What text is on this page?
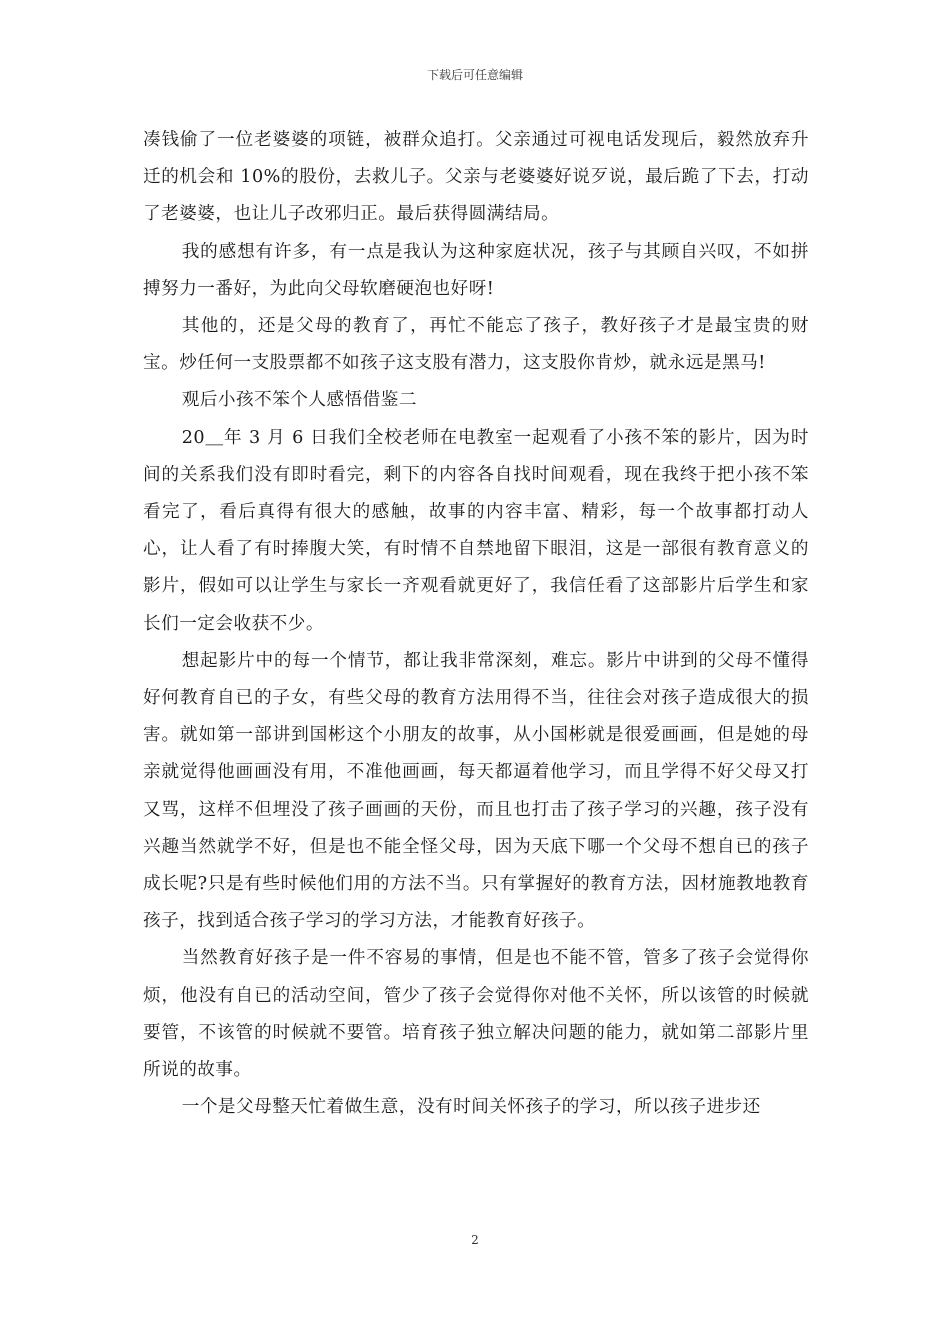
下载后可任意编辑

凑钱偷了一位老婆婆的项链，被群众追打。父亲通过可视电话发现后，毅然放弃升迁的机会和 10%的股份，去救儿子。父亲与老婆婆好说歹说，最后跪了下去，打动了老婆婆，也让儿子改邪归正。最后获得圆满结局。

我的感想有许多，有一点是我认为这种家庭状况，孩子与其顾自兴叹，不如拼搏努力一番好，为此向父母软磨硬泡也好呀!

其他的，还是父母的教育了，再忙不能忘了孩子，教好孩子才是最宝贵的财宝。炒任何一支股票都不如孩子这支股有潜力，这支股你肯炒，就永远是黑马!

观后小孩不笨个人感悟借鉴二

20＿年 3 月 6 日我们全校老师在电教室一起观看了小孩不笨的影片，因为时间的关系我们没有即时看完，剩下的内容各自找时间观看，现在我终于把小孩不笨看完了，看后真得有很大的感触，故事的内容丰富、精彩，每一个故事都打动人心，让人看了有时捧腹大笑，有时情不自禁地留下眼泪，这是一部很有教育意义的影片，假如可以让学生与家长一齐观看就更好了，我信任看了这部影片后学生和家长们一定会收获不少。

想起影片中的每一个情节，都让我非常深刻，难忘。影片中讲到的父母不懂得好何教育自已的子女，有些父母的教育方法用得不当，往往会对孩子造成很大的损害。就如第一部讲到国彬这个小朋友的故事，从小国彬就是很爱画画，但是她的母亲就觉得他画画没有用，不准他画画，每天都逼着他学习，而且学得不好父母又打又骂，这样不但埋没了孩子画画的天份，而且也打击了孩子学习的兴趣，孩子没有兴趣当然就学不好，但是也不能全怪父母，因为天底下哪一个父母不想自已的孩子成长呢?只是有些时候他们用的方法不当。只有掌握好的教育方法，因材施教地教育孩子，找到适合孩子学习的学习方法，才能教育好孩子。

当然教育好孩子是一件不容易的事情，但是也不能不管，管多了孩子会觉得你烦，他没有自已的活动空间，管少了孩子会觉得你对他不关怀，所以该管的时候就要管，不该管的时候就不要管。培育孩子独立解决问题的能力，就如第二部影片里所说的故事。

一个是父母整天忙着做生意，没有时间关怀孩子的学习，所以孩子进步还

2
